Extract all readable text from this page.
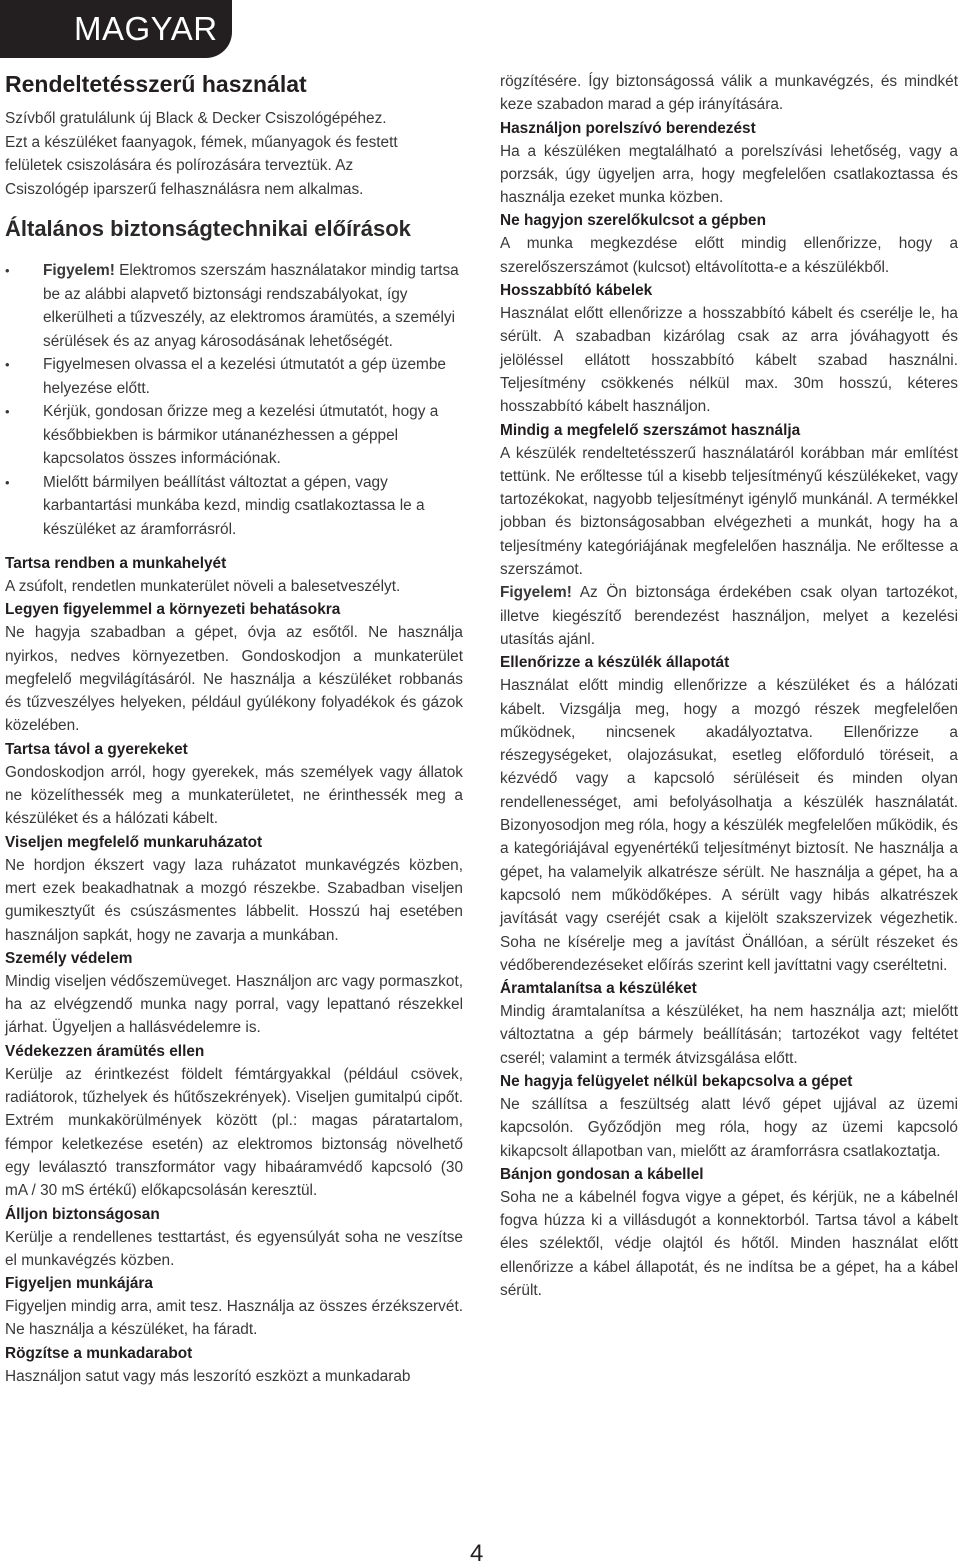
MAGYAR
Rendeltetésszerű használat
Szívből gratulálunk új Black & Decker Csiszológépéhez.
Ezt a készüléket faanyagok, fémek, műanyagok és festett
felületek csiszolására és polírozására terveztük. Az
Csiszológép iparszerű felhasználásra nem alkalmas.
Általános biztonságtechnikai előírások
• Figyelem! Elektromos szerszám használatakor mindig tartsa be az alábbi alapvető biztonsági rendszabályokat, így elkerülheti a tűzveszély, az elektromos áramütés, a személyi sérülések és az anyag károsodásának lehetőségét.
• Figyelmesen olvassa el a kezelési útmutatót a gép üzembe helyezése előtt.
• Kérjük, gondosan őrizze meg a kezelési útmutatót, hogy a későbbiekben is bármikor utánanézhessen a géppel kapcsolatos összes információnak.
• Mielőtt bármilyen beállítást változtat a gépen, vagy karbantartási munkába kezd, mindig csatlakoztassa le a készüléket az áramforrásról.
Tartsa rendben a munkahelyét
A zsúfolt, rendetlen munkaterület növeli a balesetveszélyt.
Legyen figyelemmel a környezeti behatásokra
Ne hagyja szabadban a gépet, óvja az esőtől. Ne használja nyirkos, nedves környezetben. Gondoskodjon a munkaterület megfelelő megvilágításáról. Ne használja a készüléket robbanás és tűzveszélyes helyeken, például gyúlékony folyadékok és gázok közelében.
Tartsa távol a gyerekeket
Gondoskodjon arról, hogy gyerekek, más személyek vagy állatok ne közelíthessék meg a munkaterületet, ne érinthessék meg a készüléket és a hálózati kábelt.
Viseljen megfelelő munkaruházatot
Ne hordjon ékszert vagy laza ruházatot munkavégzés közben, mert ezek beakadhatnak a mozgó részekbe. Szabadban viseljen gumikesztyűt és csúszásmentes lábbelit. Hosszú haj esetében használjon sapkát, hogy ne zavarja a munkában.
Személy védelem
Mindig viseljen védőszemüveget. Használjon arc vagy pormaszkot, ha az elvégzendő munka nagy porral, vagy lepattanó részekkel járhat. Ügyeljen a hallásvédelemre is.
Védekezzen áramütés ellen
Kerülje az érintkezést földelt fémtárgyakkal (például csövek, radiátorok, tűzhelyek és hűtőszekrények). Viseljen gumitalpú cipőt. Extrém munkakörülmények között (pl.: magas páratartalom, fémpor keletkezése esetén) az elektromos biztonság növelhető egy leválasztó transzformátor vagy hibaáramvédő kapcsoló (30 mA / 30 mS értékű) előkapcsolásán keresztül.
Álljon biztonságosan
Kerülje a rendellenes testtartást, és egyensúlyát soha ne veszítse el munkavégzés közben.
Figyeljen munkájára
Figyeljen mindig arra, amit tesz. Használja az összes érzékszervét. Ne használja a készüléket, ha fáradt.
Rögzítse a munkadarabot
Használjon satut vagy más leszorító eszközt a munkadarab
rögzítésére. Így biztonságossá válik a munkavégzés, és mindkét keze szabadon marad a gép irányítására.
Használjon porelszívó berendezést
Ha a készüléken megtalálható a porelszívási lehetőség, vagy a porzsák, úgy ügyeljen arra, hogy megfelelően csatlakoztassa és használja ezeket munka közben.
Ne hagyjon szerelőkulcsot a gépben
A munka megkezdése előtt mindig ellenőrizze, hogy a szerelőszerszámot (kulcsot) eltávolította-e a készülékből.
Hosszabbító kábelek
Használat előtt ellenőrizze a hosszabbító kábelt és cserélje le, ha sérült. A szabadban kizárólag csak az arra jóváhagyott és jelöléssel ellátott hosszabbító kábelt szabad használni. Teljesítmény csökkenés nélkül max. 30m hosszú, kéteres hosszabbító kábelt használjon.
Mindig a megfelelő szerszámot használja
A készülék rendeltetésszerű használatáról korábban már említést tettünk. Ne erőltesse túl a kisebb teljesítményű készülékeket, vagy tartozékokat, nagyobb teljesítményt igénylő munkánál. A termékkel jobban és biztonságosabban elvégezheti a munkát, hogy ha a teljesítmény kategóriájának megfelelően használja. Ne erőltesse a szerszámot.
Figyelem! Az Ön biztonsága érdekében csak olyan tartozékot, illetve kiegészítő berendezést használjon, melyet a kezelési utasítás ajánl.
Ellenőrizze a készülék állapotát
Használat előtt mindig ellenőrizze a készüléket és a hálózati kábelt. Vizsgálja meg, hogy a mozgó részek megfelelően működnek, nincsenek akadályoztatva. Ellenőrizze a részegységeket, olajozásukat, esetleg előforduló töréseit, a kézvédő vagy a kapcsoló sérüléseit és minden olyan rendellenességet, ami befolyásolhatja a készülék használatát. Bizonyosodjon meg róla, hogy a készülék megfelelően működik, és a kategóriájával egyenértékű teljesítményt biztosít. Ne használja a gépet, ha valamelyik alkatrésze sérült. Ne használja a gépet, ha a kapcsoló nem működőképes. A sérült vagy hibás alkatrészek javítását vagy cseréjét csak a kijelölt szakszervizek végezhetik. Soha ne kísérelje meg a javítást Önállóan, a sérült részeket és védőberendezéseket előírás szerint kell javíttatni vagy cseréltetni.
Áramtalanítsa a készüléket
Mindig áramtalanítsa a készüléket, ha nem használja azt; mielőtt változtatna a gép bármely beállításán; tartozékot vagy feltétet cserél; valamint a termék átvizsgálása előtt.
Ne hagyja felügyelet nélkül bekapcsolva a gépet
Ne szállítsa a feszültség alatt lévő gépet ujjával az üzemi kapcsolón. Győződjön meg róla, hogy az üzemi kapcsoló kikapcsolt állapotban van, mielőtt az áramforrásra csatlakoztatja.
Bánjon gondosan a kábellel
Soha ne a kábelnél fogva vigye a gépet, és kérjük, ne a kábelnél fogva húzza ki a villásdugót a konnektorból. Tartsa távol a kábelt éles szélektől, védje olajtól és hőtől. Minden használat előtt ellenőrizze a kábel állapotát, és ne indítsa be a gépet, ha a kábel sérült.
4
